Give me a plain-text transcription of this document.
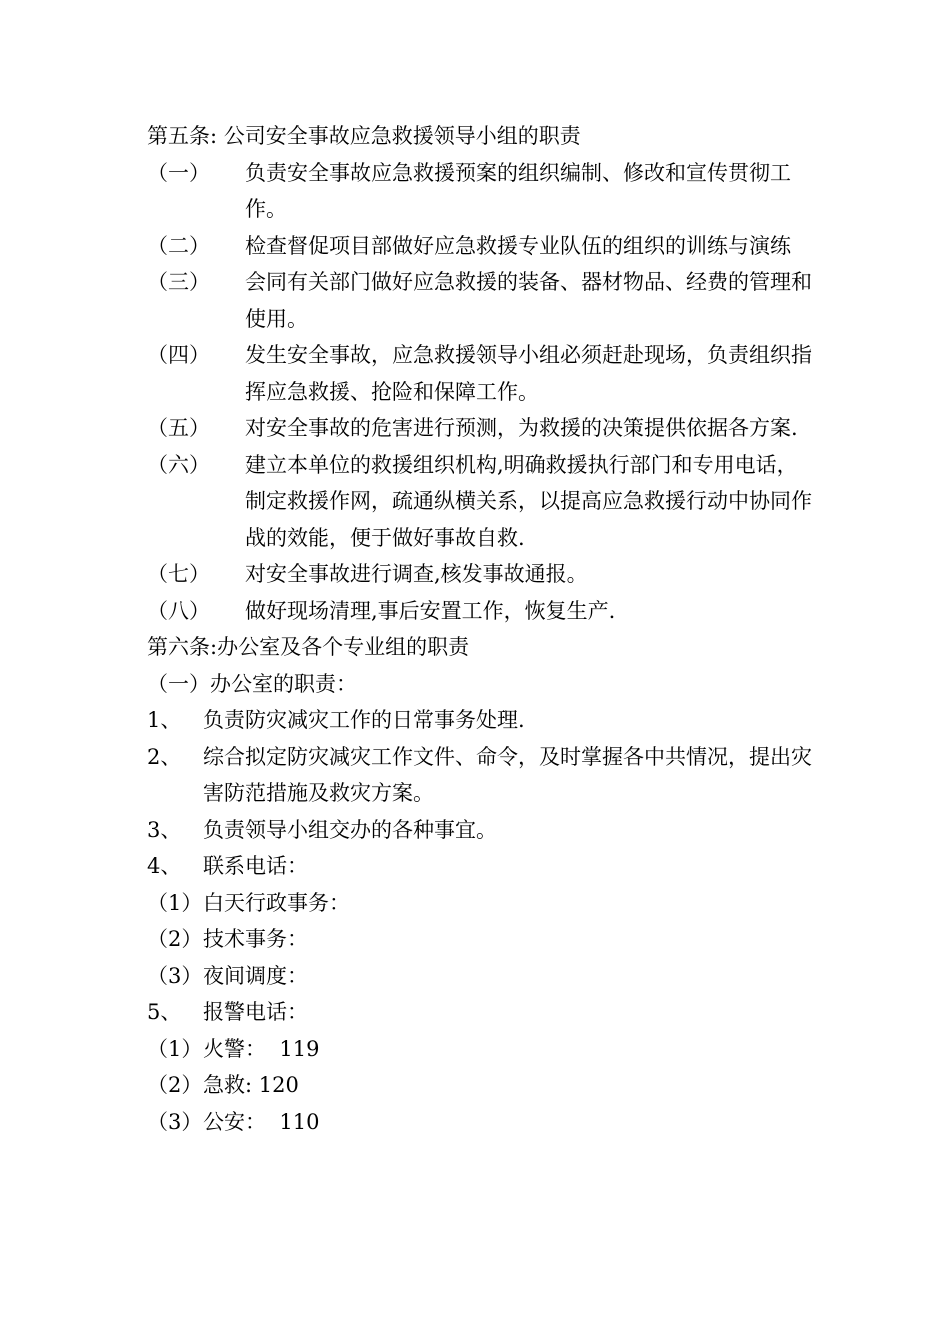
第五条: 公司安全事故应急救援领导小组的职责
（一）	负责安全事故应急救援预案的组织编制、修改和宣传贯彻工作。
（二）	检查督促项目部做好应急救援专业队伍的组织的训练与演练
（三）	会同有关部门做好应急救援的装备、器材物品、经费的管理和使用。
（四）	发生安全事故，应急救援领导小组必须赶赴现场，负责组织指挥应急救援、抢险和保障工作。
（五）	对安全事故的危害进行预测，为救援的决策提供依据各方案.
（六）	建立本单位的救援组织机构,明确救援执行部门和专用电话，制定救援作网，疏通纵横关系，以提高应急救援行动中协同作战的效能，便于做好事故自救.
（七）	对安全事故进行调查,核发事故通报。
（八）	做好现场清理,事后安置工作，恢复生产.
第六条:办公室及各个专业组的职责
（一）办公室的职责：
1、	负责防灾减灾工作的日常事务处理.
2、	综合拟定防灾减灾工作文件、命令，及时掌握各中共情况，提出灾害防范措施及救灾方案。
3、	负责领导小组交办的各种事宜。
4、	联系电话：
（1） 白天行政事务：
（2） 技术事务：
（3） 夜间调度：
5、	报警电话：
（1） 火警：  119
（2） 急救: 120
（3） 公安：  110
